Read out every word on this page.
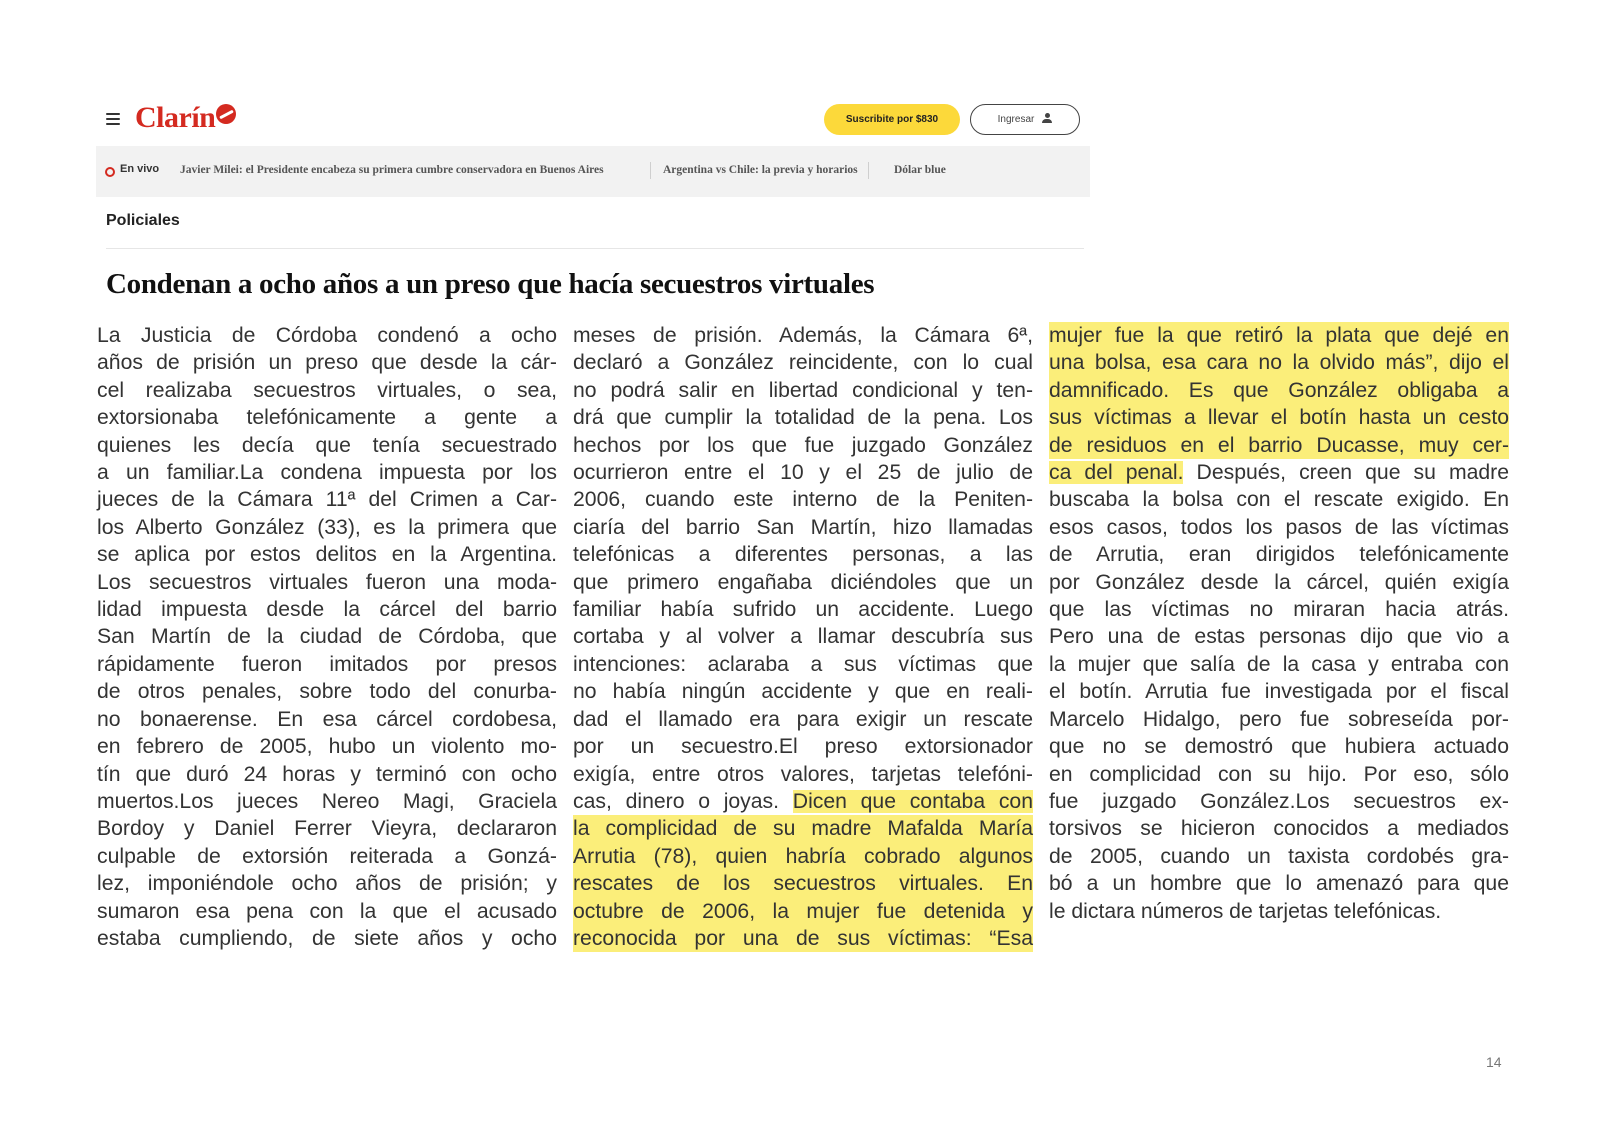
Clarín	Suscribite por $830	Ingresar
En vivo Javier Milei: el Presidente encabeza su primera cumbre conservadora en Buenos Aires	Argentina vs Chile: la previa y horarios	Dólar blue
Policiales
Condenan a ocho años a un preso que hacía secuestros virtuales
La Justicia de Córdoba condenó a ocho
años de prisión un preso que desde la cár-
cel realizaba secuestros virtuales, o sea,
extorsionaba telefónicamente a gente a
quienes les decía que tenía secuestrado
a un familiar.La condena impuesta por los
jueces de la Cámara 11ª del Crimen a Car-
los Alberto González (33), es la primera que
se aplica por estos delitos en la Argentina.
Los secuestros virtuales fueron una moda-
lidad impuesta desde la cárcel del barrio
San Martín de la ciudad de Córdoba, que
rápidamente fueron imitados por presos
de otros penales, sobre todo del conurba-
no bonaerense. En esa cárcel cordobesa,
en febrero de 2005, hubo un violento mo-
tín que duró 24 horas y terminó con ocho
muertos.Los jueces Nereo Magi, Graciela
Bordoy y Daniel Ferrer Vieyra, declararon
culpable de extorsión reiterada a Gonzá-
lez, imponiéndole ocho años de prisión; y
sumaron esa pena con la que el acusado
estaba cumpliendo, de siete años y ocho
meses de prisión. Además, la Cámara 6ª,
declaró a González reincidente, con lo cual
no podrá salir en libertad condicional y ten-
drá que cumplir la totalidad de la pena. Los
hechos por los que fue juzgado González
ocurrieron entre el 10 y el 25 de julio de
2006, cuando este interno de la Peniten-
ciaría del barrio San Martín, hizo llamadas
telefónicas a diferentes personas, a las
que primero engañaba diciéndoles que un
familiar había sufrido un accidente. Luego
cortaba y al volver a llamar descubría sus
intenciones: aclaraba a sus víctimas que
no había ningún accidente y que en reali-
dad el llamado era para exigir un rescate
por un secuestro.El preso extorsionador
exigía, entre otros valores, tarjetas telefóni-
cas, dinero o joyas. Dicen que contaba con
la complicidad de su madre Mafalda María
Arrutia (78), quien habría cobrado algunos
rescates de los secuestros virtuales. En
octubre de 2006, la mujer fue detenida y
reconocida por una de sus víctimas: “Esa
mujer fue la que retiró la plata que dejé en
una bolsa, esa cara no la olvido más”, dijo el
damnificado. Es que González obligaba a
sus víctimas a llevar el botín hasta un cesto
de residuos en el barrio Ducasse, muy cer-
ca del penal. Después, creen que su madre
buscaba la bolsa con el rescate exigido. En
esos casos, todos los pasos de las víctimas
de Arrutia, eran dirigidos telefónicamente
por González desde la cárcel, quién exigía
que las víctimas no miraran hacia atrás.
Pero una de estas personas dijo que vio a
la mujer que salía de la casa y entraba con
el botín. Arrutia fue investigada por el fiscal
Marcelo Hidalgo, pero fue sobreseída por-
que no se demostró que hubiera actuado
en complicidad con su hijo. Por eso, sólo
fue juzgado González.Los secuestros ex-
torsivos se hicieron conocidos a mediados
de 2005, cuando un taxista cordobés gra-
bó a un hombre que lo amenazó para que
le dictara números de tarjetas telefónicas.
14
